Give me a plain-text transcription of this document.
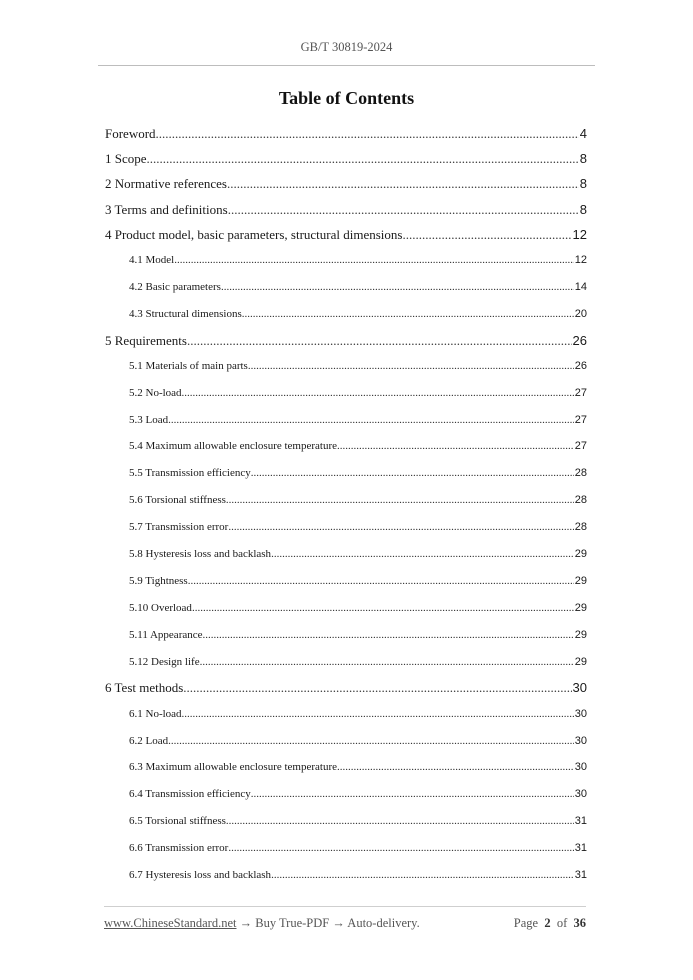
GB/T 30819-2024
Table of Contents
Foreword .....	4
1 Scope .....	8
2 Normative references .....	8
3 Terms and definitions .....	8
4 Product model, basic parameters, structural dimensions .....	12
4.1 Model .....	12
4.2 Basic parameters .....	14
4.3 Structural dimensions .....	20
5 Requirements .....	26
5.1 Materials of main parts .....	26
5.2 No-load .....	27
5.3 Load .....	27
5.4 Maximum allowable enclosure temperature .....	27
5.5 Transmission efficiency .....	28
5.6 Torsional stiffness .....	28
5.7 Transmission error .....	28
5.8 Hysteresis loss and backlash .....	29
5.9 Tightness .....	29
5.10 Overload .....	29
5.11 Appearance .....	29
5.12 Design life .....	29
6 Test methods .....	30
6.1 No-load .....	30
6.2 Load .....	30
6.3 Maximum allowable enclosure temperature .....	30
6.4 Transmission efficiency .....	30
6.5 Torsional stiffness .....	31
6.6 Transmission error .....	31
6.7 Hysteresis loss and backlash .....	31
www.ChineseStandard.net → Buy True-PDF → Auto-delivery.	Page 2 of 36
